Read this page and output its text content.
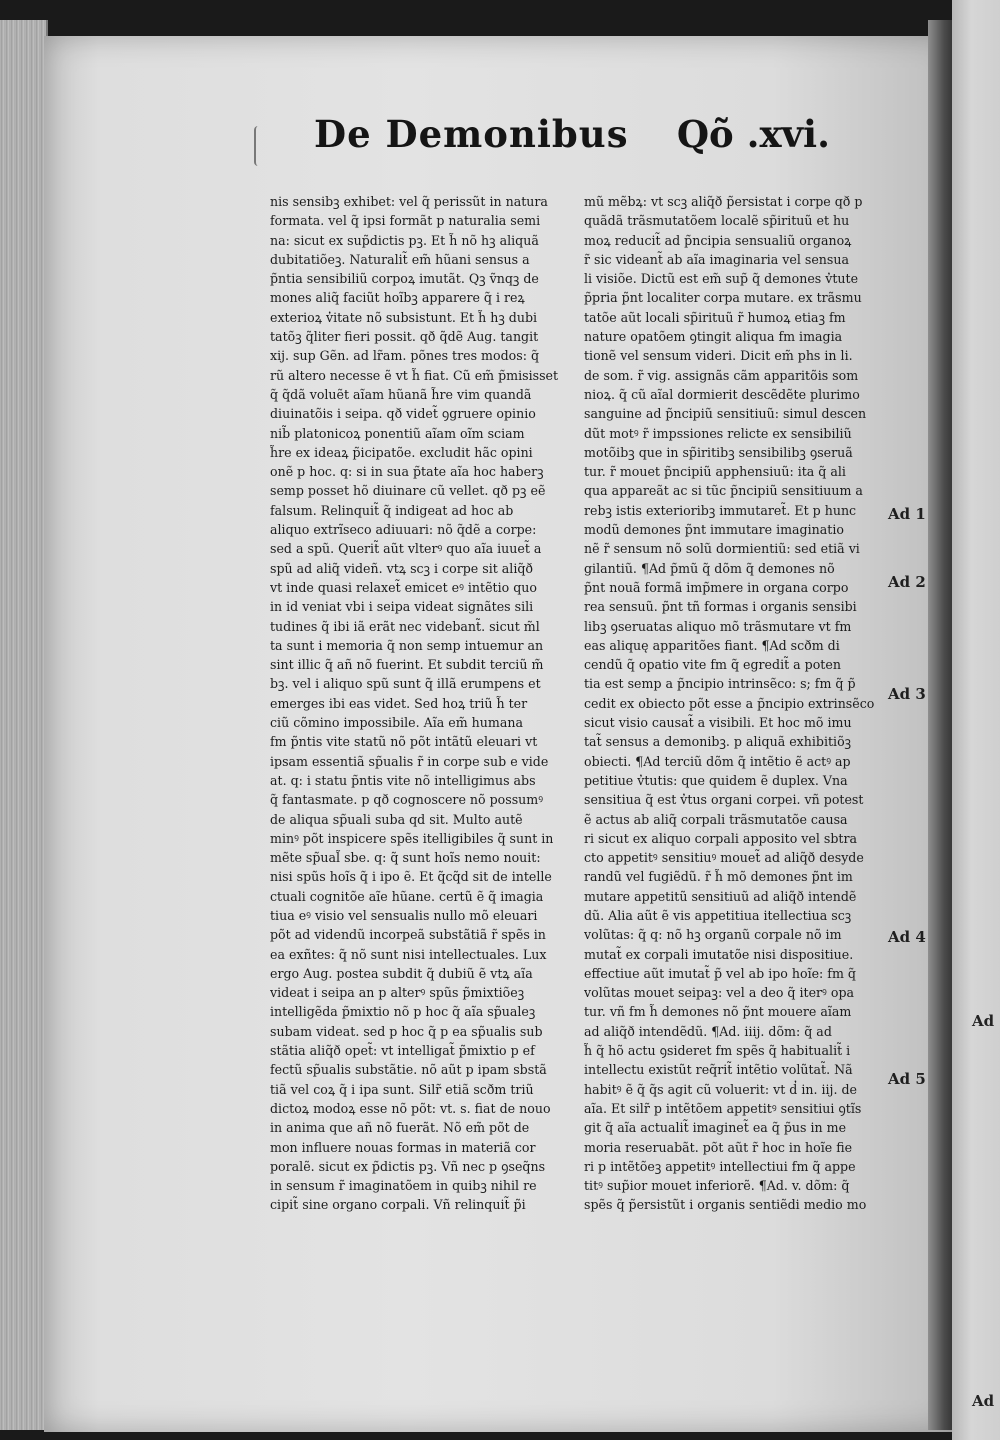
Ad
Ad
De Demonibus Qõ .xvi.
nis sensibꝫ exhibet: vel q̃ perissũt in natura
formata. vel q̃ ipsi formãt p naturalia semi
na: sicut ex sup̃dictis pꝫ. Et h̃ nõ hꝫ aliquã
dubitatiõeꝫ. Naturalit̃ em̃ hũani sensus a
p̃ntia sensibiliũ corpoꝝ imutãt. Qꝫ ṽnqꝫ de
mones aliq̃ faciũt hoĩbꝫ apparere q̃ i reꝝ
exterioꝝ v̓itate nõ subsistunt. Et h̃ hꝫ dubi
tatõꝫ q̃liter fieri possit. qð q̃dẽ Aug. tangit
xij. sup Gẽn. ad lr̃am. põnes tres modos: q̃
rũ altero necesse ẽ vt h̃ fiat. Cũ em̃ p̃misisset
q̃ q̃dã voluẽt aĩam hũanã h̃re vim quandã
diuinatõis i seipa. qð videt̃ ꝯgruere opinio
nib̃ platonicoꝝ ponentiũ aĩam oĩm sciam
h̃re ex ideaꝝ p̃icipatõe. excludit hãc opini
onẽ p hoc. q: si in sua p̃tate aĩa hoc haberꝫ
semp posset hõ diuinare cũ vellet. qð pꝫ eẽ
falsum. Relinquit̃ q̃ indigeat ad hoc ab
aliquo extrĩseco adiuuari: nõ q̃dẽ a corpe:
sed a spũ. Querit̃ aũt vlterꝰ quo aĩa iuuet̃ a
spũ ad aliq̃ videñ. vtꝝ scꝫ i corpe sit aliq̃ð
vt inde quasi relaxet̃ emicet eꝰ intẽtio quo
in id veniat vbi i seipa videat signãtes sili
tudines q̃ ibi iã erãt nec videbant̃. sicut m̃l
ta sunt i memoria q̃ non semp intuemur an
sint illic q̃ añ nõ fuerint. Et subdit terciũ m̃
bꝫ. vel i aliquo spũ sunt q̃ illã erumpens et
emerges ibi eas videt. Sed hoꝝ triũ h̃ ter
ciũ cõmino impossibile. Aĩa em̃ humana
fm p̃ntis vite statũ nõ põt intãtũ eleuari vt
ipsam essentiã sp̃ualis r̃ in corpe sub e vide
at. q: i statu p̃ntis vite nõ intelligimus abs
q̃ fantasmate. p qð cognoscere nõ possumꝰ
de aliqua sp̃uali suba qd sit. Multo autẽ
minꝰ põt inspicere spẽs itelligibiles q̃ sunt in
mẽte sp̃ual̃ sbe. q: q̃ sunt hoĩs nemo nouit:
nisi spũs hoĩs q̃ i ipo ẽ. Et q̃cq̃d sit de intelle
ctuali cognitõe aĩe hũane. certũ ẽ q̃ imagia
tiua eꝰ visio vel sensualis nullo mõ eleuari
põt ad videndũ incorpeã substãtiã r̃ spẽs in
ea exñtes: q̃ nõ sunt nisi intellectuales. Lux
ergo Aug. postea subdit q̃ dubiũ ẽ vtꝝ aĩa
videat i seipa an p alterꝰ spũs p̃mixtiõeꝫ
intelligẽda p̃mixtio nõ p hoc q̃ aĩa sp̃ualeꝫ
subam videat. sed p hoc q̃ p ea sp̃ualis sub
stãtia aliq̃ð opet̃: vt intelligat̃ p̃mixtio p ef
fectũ sp̃ualis substãtie. nõ aũt p ipam sbstã
tiã vel coꝝ q̃ i ipa sunt. Silr̃ etiã scðm triũ
dictoꝝ modoꝝ esse nõ põt: vt. s. fiat de nouo
in anima que añ nõ fuerãt. Nõ em̃ põt de
mon influere nouas formas in materiã cor
poralẽ. sicut ex p̃dictis pꝫ. Vñ nec p ꝯseq̃ns
in sensum r̃ imaginatõem in quibꝫ nihil re
cipit̃ sine organo corpali. Vñ relinquit̃ p̃i
mũ mẽbꝝ: vt scꝫ aliq̃ð p̃ersistat i corpe qð p
quãdã trãsmutatõem localẽ sp̃irituũ et hu
moꝝ reducit̃ ad p̃ncipia sensualiũ organoꝝ
r̃ sic videant̃ ab aĩa imaginaria vel sensua
li visiõe. Dictũ est em̃ sup̃ q̃ demones v̓tute
p̃pria p̃nt localiter corpa mutare. ex trãsmu
tatõe aũt locali sp̃irituũ r̃ humoꝝ etiaꝫ fm
nature opatõem ꝯtingit aliqua fm imagia
tionẽ vel sensum videri. Dicit em̃ phs in li.
de som. r̃ vig. assignãs cãm apparitõis som
nioꝝ. q̃ cũ aĩal dormierit descẽdẽte plurimo
sanguine ad p̃ncipiũ sensitiuũ: simul descen
dũt motꝰ r̃ impssiones relicte ex sensibiliũ
motõibꝫ que in sp̃iritibꝫ sensibilibꝫ ꝯseruã
tur. r̃ mouet p̃ncipiũ apphensiuũ: ita q̃ ali
qua appareãt ac si tũc p̃ncipiũ sensitiuum a
rebꝫ istis exterioribꝫ immutaret̃. Et p hunc
modũ demones p̃nt immutare imaginatio
nẽ r̃ sensum nõ solũ dormientiũ: sed etiã vi
gilantiũ. ¶Ad p̃mũ q̃ dõm q̃ demones nõ
p̃nt nouã formã imp̃mere in organa corpo
rea sensuũ. p̃nt tñ formas i organis sensibi
libꝫ ꝯseruatas aliquo mõ trãsmutare vt fm
eas aliquę apparitões fiant. ¶Ad scðm di
cendũ q̃ opatio vite fm q̃ egredit̃ a poten
tia est semp a p̃ncipio intrinsẽco: s; fm q̃ p̃
cedit ex obiecto põt esse a p̃ncipio extrinsẽco
sicut visio causat̃ a visibili. Et hoc mõ imu
tat̃ sensus a demonibꝫ. p aliquã exhibitiõꝫ
obiecti. ¶Ad terciũ dõm q̃ intẽtio ẽ actꝰ ap
petitiue v̓tutis: que quidem ẽ duplex. Vna
sensitiua q̃ est v̓tus organi corpei. vñ potest
ẽ actus ab aliq̃ corpali trãsmutatõe causa
ri sicut ex aliquo corpali apposito vel sbtra
cto appetitꝰ sensitiuꝰ mouet̃ ad aliq̃ð desyde
randũ vel fugiẽdũ. r̃ h̃ mõ demones p̃nt im
mutare appetitũ sensitiuũ ad aliq̃ð intendẽ
dũ. Alia aũt ẽ vis appetitiua itellectiua scꝫ
volũtas: q̃ q: nõ hꝫ organũ corpale nõ im
mutat̃ ex corpali imutatõe nisi dispositiue.
effectiue aũt imutat̃ p̃ vel ab ipo hoĩe: fm q̃
volũtas mouet seipaꝫ: vel a deo q̃ iterꝰ opa
tur. vñ fm h̃ demones nõ p̃nt mouere aĩam
ad aliq̃ð intendẽdũ. ¶Ad. iiij. dõm: q̃ ad
h̃ q̃ hõ actu ꝯsideret fm spẽs q̃ habitualit̃ i
intellectu existũt req̃rit̃ intẽtio volũtat̃. Nã
habitꝰ ẽ q̃ q̃s agit cũ voluerit: vt d̓ in. iij. de
aĩa. Et silr̃ p intẽtõem appetitꝰ sensitiui ꝯtĩs
git q̃ aĩa actualit̃ imaginet̃ ea q̃ p̃us in me
moria reseruabãt. põt aũt r̃ hoc in hoĩe fie
ri p intẽtõeꝫ appetitꝰ intellectiui fm q̃ appe
titꝰ sup̃ior mouet inferiorẽ. ¶Ad. v. dõm: q̃
spẽs q̃ p̃ersistũt i organis sentiẽdi medio mo
Ad 1
Ad 2
Ad 3
Ad 4
Ad 5
